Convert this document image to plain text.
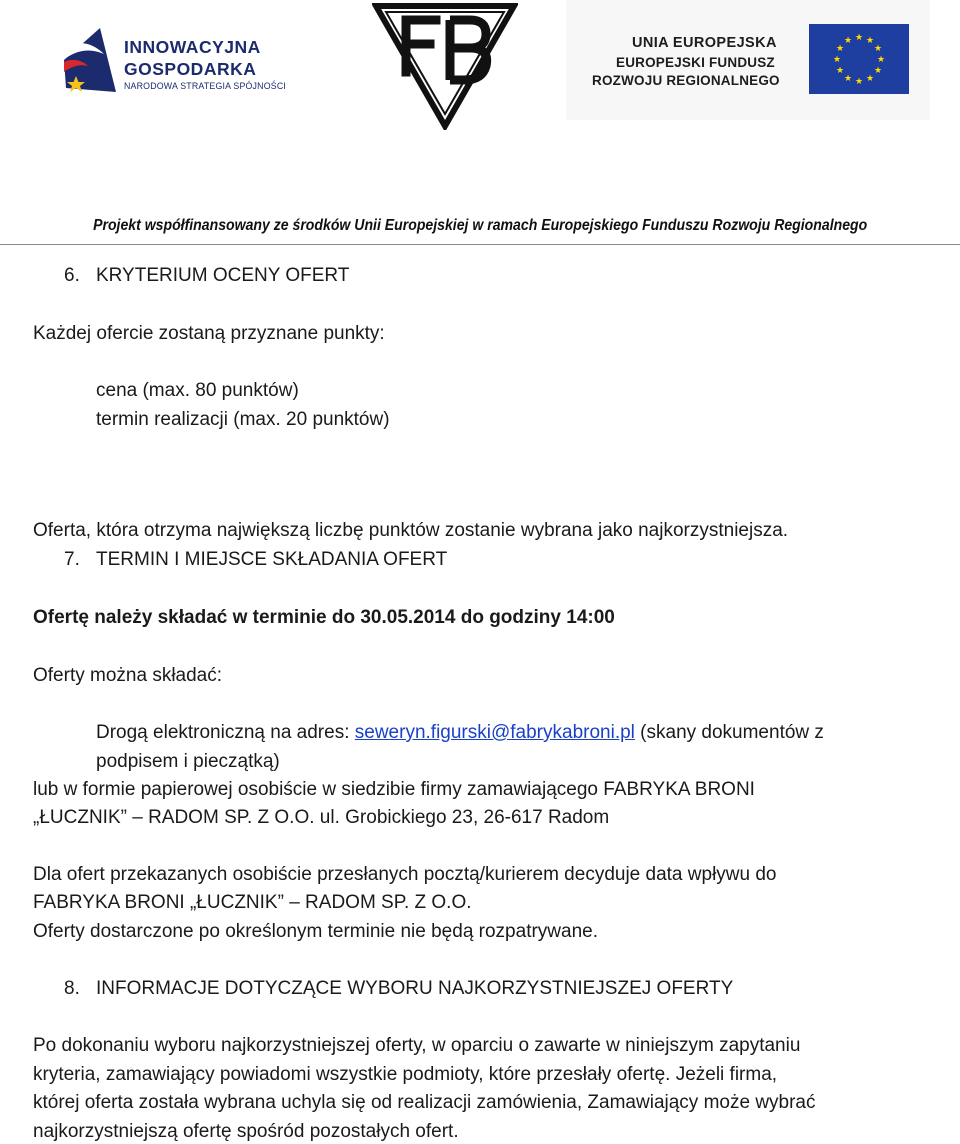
INNOWACYJNA
GOSPODARKA
NARODOWA STRATEGIA SPÓJNOŚCI
UNIA EUROPEJSKA
EUROPEJSKI FUNDUSZ
ROZWOJU REGIONALNEGO
★ ★
★
★
★
★
★
★
★
★
★
★
Projekt współfinansowany ze środków Unii Europejskiej w ramach Europejskiego Funduszu Rozwoju Regionalnego
6. KRYTERIUM OCENY OFERT
Każdej ofercie zostaną przyznane punkty:
cena (max. 80 punktów)
termin realizacji (max. 20 punktów)
Oferta, która otrzyma największą liczbę punktów zostanie wybrana jako najkorzystniejsza.
7. TERMIN I MIEJSCE SKŁADANIA OFERT
Ofertę należy składać w terminie do 30.05.2014 do godziny 14:00
Oferty można składać:
Drogą elektroniczną na adres: seweryn.figurski@fabrykabroni.pl (skany dokumentów z
podpisem i pieczątką)
lub w formie papierowej osobiście w siedzibie firmy zamawiającego FABRYKA BRONI
„ŁUCZNIK” – RADOM SP. Z O.O. ul. Grobickiego 23, 26-617 Radom
Dla ofert przekazanych osobiście przesłanych pocztą/kurierem decyduje data wpływu do
FABRYKA BRONI „ŁUCZNIK” – RADOM SP. Z O.O.
Oferty dostarczone po określonym terminie nie będą rozpatrywane.
8. INFORMACJE DOTYCZĄCE WYBORU NAJKORZYSTNIEJSZEJ OFERTY
Po dokonaniu wyboru najkorzystniejszej oferty, w oparciu o zawarte w niniejszym zapytaniu
kryteria, zamawiający powiadomi wszystkie podmioty, które przesłały ofertę. Jeżeli firma,
której oferta została wybrana uchyla się od realizacji zamówienia, Zamawiający może wybrać
najkorzystniejszą ofertę spośród pozostałych ofert.
